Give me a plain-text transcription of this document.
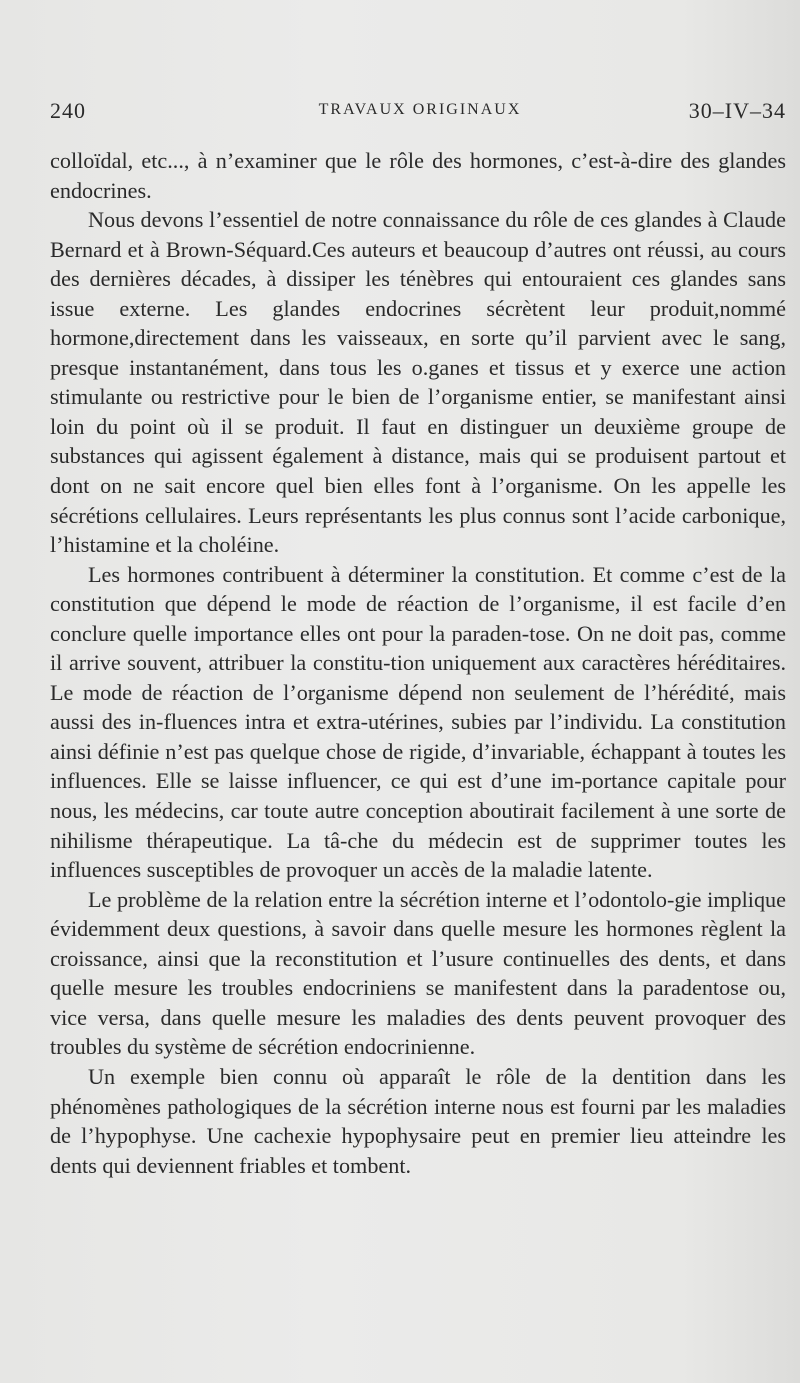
240	TRAVAUX ORIGINAUX	30–IV–34

colloïdal, etc..., à n’examiner que le rôle des hormones, c’est-à-dire des glandes endocrines.

Nous devons l’essentiel de notre connaissance du rôle de ces glandes à Claude Bernard et à Brown-Séquard.Ces auteurs et beaucoup d’autres ont réussi, au cours des dernières décades, à dissiper les ténèbres qui entouraient ces glandes sans issue externe. Les glandes endocrines sécrètent leur produit,nommé hormone,directement dans les vaisseaux, en sorte qu’il parvient avec le sang, presque instantanément, dans tous les o.ganes et tissus et y exerce une action stimulante ou restrictive pour le bien de l’organisme entier, se manifestant ainsi loin du point où il se produit. Il faut en distinguer un deuxième groupe de substances qui agissent également à distance, mais qui se produisent partout et dont on ne sait encore quel bien elles font à l’organisme. On les appelle les sécrétions cellulaires. Leurs représentants les plus connus sont l’acide carbonique, l’histamine et la choléine.

Les hormones contribuent à déterminer la constitution. Et comme c’est de la constitution que dépend le mode de réaction de l’organisme, il est facile d’en conclure quelle importance elles ont pour la paraden-tose. On ne doit pas, comme il arrive souvent, attribuer la constitu-tion uniquement aux caractères héréditaires. Le mode de réaction de l’organisme dépend non seulement de l’hérédité, mais aussi des in-fluences intra et extra-utérines, subies par l’individu. La constitution ainsi définie n’est pas quelque chose de rigide, d’invariable, échappant à toutes les influences. Elle se laisse influencer, ce qui est d’une im-portance capitale pour nous, les médecins, car toute autre conception aboutirait facilement à une sorte de nihilisme thérapeutique. La tâ-che du médecin est de supprimer toutes les influences susceptibles de provoquer un accès de la maladie latente.

Le problème de la relation entre la sécrétion interne et l’odontolo-gie implique évidemment deux questions, à savoir dans quelle mesure les hormones règlent la croissance, ainsi que la reconstitution et l’usure continuelles des dents, et dans quelle mesure les troubles endocriniens se manifestent dans la paradentose ou, vice versa, dans quelle mesure les maladies des dents peuvent provoquer des troubles du système de sécrétion endocrinienne.

Un exemple bien connu où apparaît le rôle de la dentition dans les phénomènes pathologiques de la sécrétion interne nous est fourni par les maladies de l’hypophyse. Une cachexie hypophysaire peut en premier lieu atteindre les dents qui deviennent friables et tombent.
